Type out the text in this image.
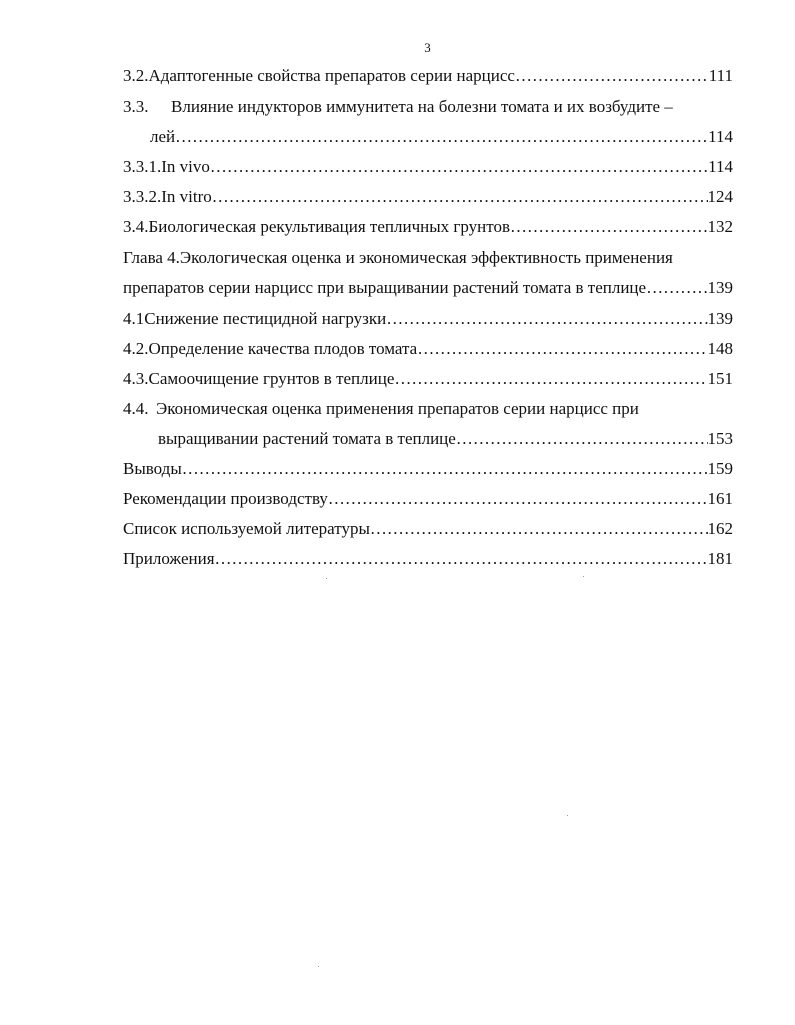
3
3.2. Адаптогенные свойства препаратов серии нарцисс ……………………………………………………………………………………………………………………………………………………………………………………………………………………	111
3.3. Влияние индукторов иммунитета на болезни томата и их возбудите –
лей ……………………………………………………………………………………………………………………………………………………………………………………………………………………	114
3.3.1. In vivo ……………………………………………………………………………………………………………………………………………………………………………………………………………………	114
3.3.2. In vitro ……………………………………………………………………………………………………………………………………………………………………………………………………………………	124
3.4. Биологическая рекультивация тепличных грунтов ……………………………………………………………………………………………………………………………………………………………………………………………………………………	132
Глава 4.Экологическая оценка и экономическая эффективность применения
препаратов серии нарцисс при выращивании растений томата в теплице ……………………………………………………………………………………………………………………………………………………………………………………………………………………	139
4.1 Снижение пестицидной нагрузки ……………………………………………………………………………………………………………………………………………………………………………………………………………………	139
4.2. Определение качества плодов томата ……………………………………………………………………………………………………………………………………………………………………………………………………………………	148
4.3. Самоочищение грунтов в теплице ……………………………………………………………………………………………………………………………………………………………………………………………………………………	151
4.4. Экономическая оценка применения препаратов серии нарцисс при
выращивании растений томата в теплице ……………………………………………………………………………………………………………………………………………………………………………………………………………………	153
Выводы ……………………………………………………………………………………………………………………………………………………………………………………………………………………	159
Рекомендации производству ……………………………………………………………………………………………………………………………………………………………………………………………………………………	161
Список используемой литературы ……………………………………………………………………………………………………………………………………………………………………………………………………………………	162
Приложения ……………………………………………………………………………………………………………………………………………………………………………………………………………………	181
